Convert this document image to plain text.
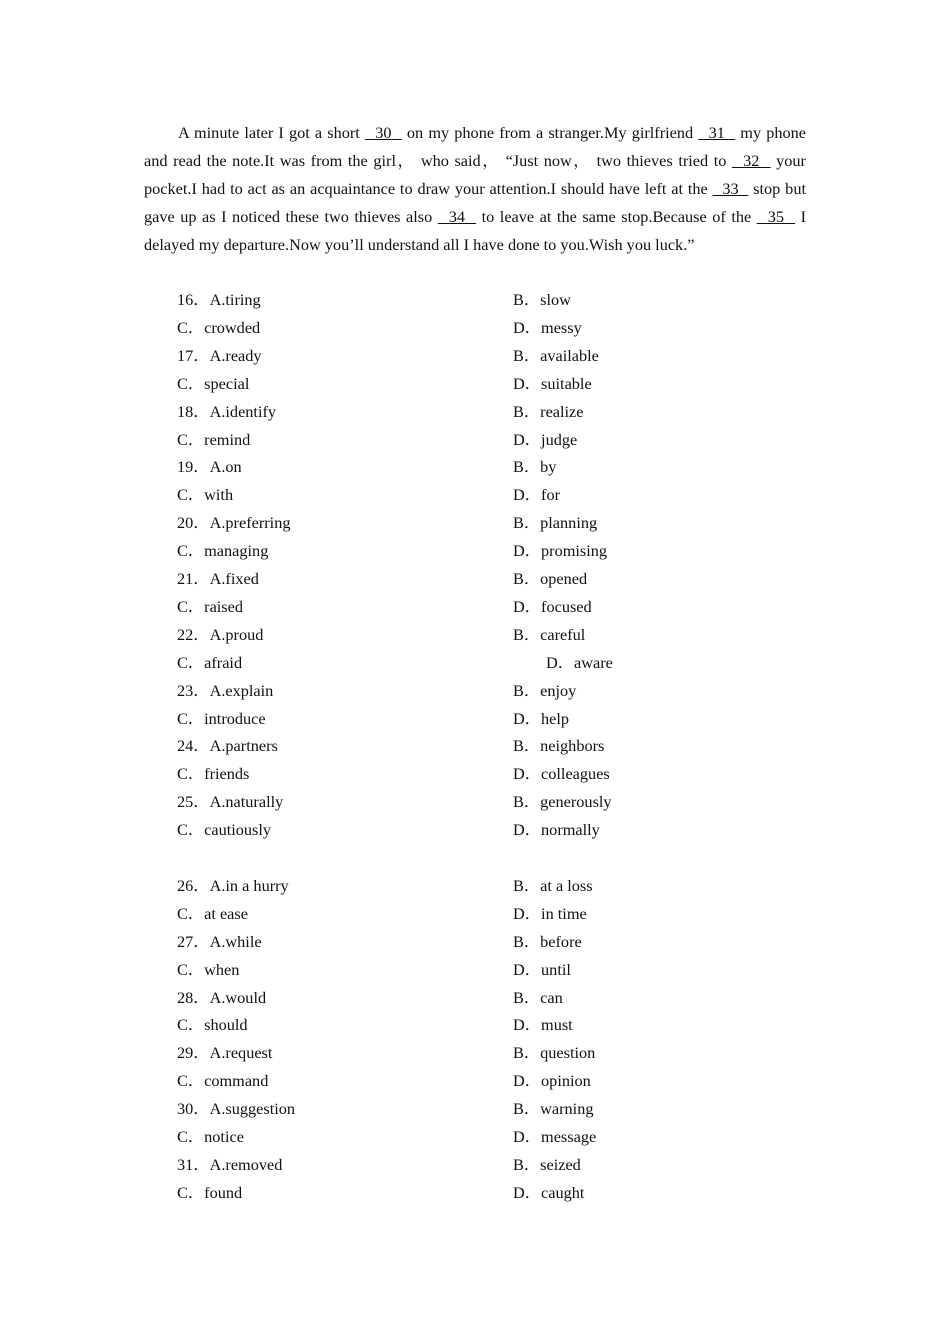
A minute later I got a short   30   on my phone from a stranger.My girlfriend   31   my phone and read the note.It was from the girl， who said， “Just now， two thieves tried to   32   your pocket.I had to act as an acquaintance to draw your attention.I should have left at the   33   stop but gave up as I noticed these two thieves also   34   to leave at the same stop.Because of the   35   I delayed my departure.Now you’ll understand all I have done to you.Wish you luck.”

16．A.tiring	B．slow
C．crowded	D．messy
17．A.ready	B．available
C．special	D．suitable
18．A.identify	B．realize
C．remind	D．judge
19．A.on	B．by
C．with	D．for
20．A.preferring	B．planning
C．managing	D．promising
21．A.fixed	B．opened
C．raised	D．focused
22．A.proud	B．careful
C．afraid	D．aware
23．A.explain	B．enjoy
C．introduce	D．help
24．A.partners	B．neighbors
C．friends	D．colleagues
25．A.naturally	B．generously
C．cautiously	D．normally
26．A.in a hurry	B．at a loss
C．at ease	D．in time
27．A.while	B．before
C．when	D．until
28．A.would	B．can
C．should	D．must
29．A.request	B．question
C．command	D．opinion
30．A.suggestion	B．warning
C．notice	D．message
31．A.removed	B．seized
C．found	D．caught
